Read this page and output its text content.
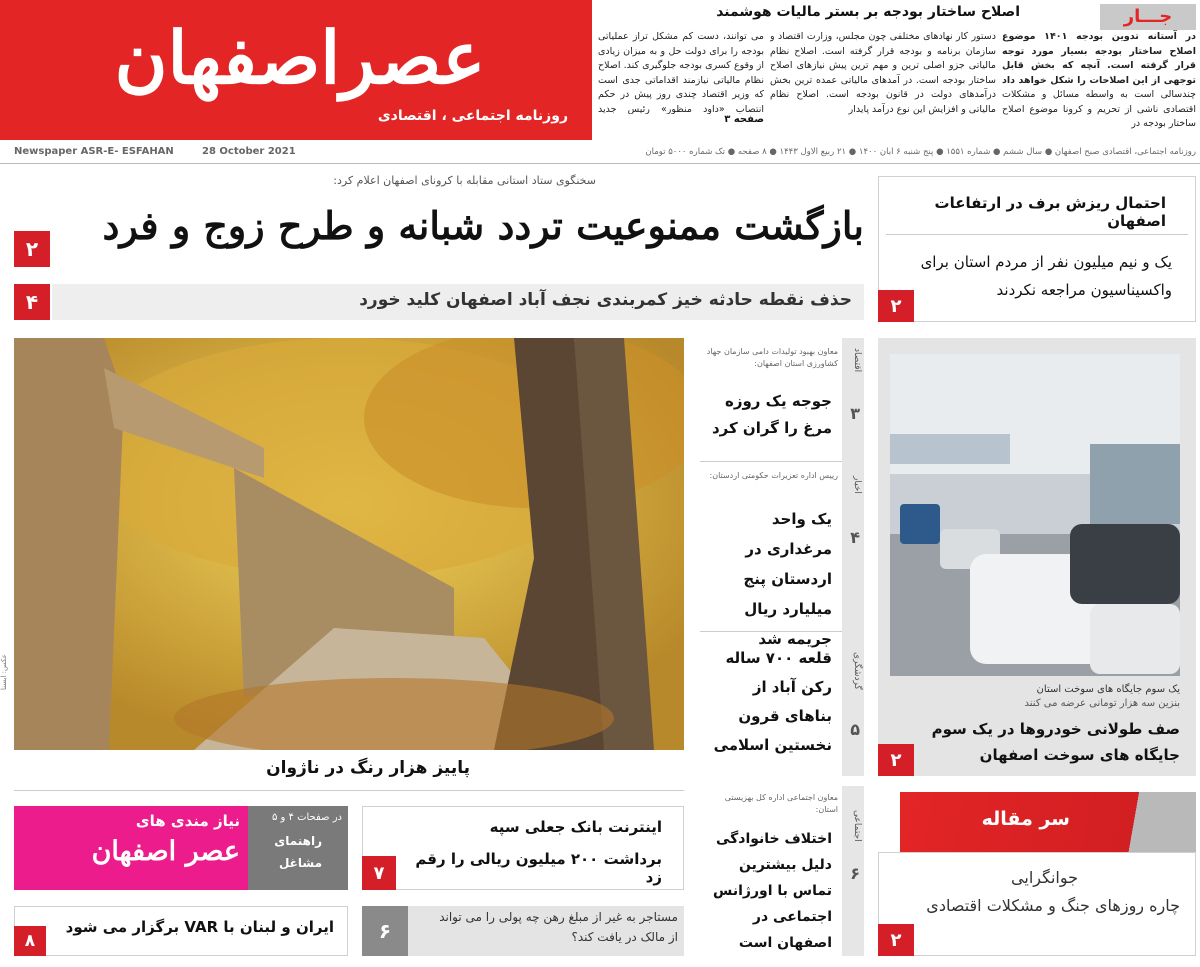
عصراصفهان
روزنامه اجتماعی ، اقتصادی
اصلاح ساختار بودجه بر بستر مالیات هوشمند
دستور کار نهادهای مختلفی چون مجلس، وزارت اقتصاد و سازمان برنامه و بودجه قرار گرفته است. اصلاح نظام مالیاتی جزو اصلی ترین و مهم ترین پیش نیازهای اصلاح ساختار بودجه است. در آمدهای مالیاتی عمده ترین بخش درآمدهای دولت در قانون بودجه است. اصلاح نظام مالیاتی و افزایش این نوع درآمد پایدار
می توانند، دست کم مشکل تراز عملیاتی بودجه را برای دولت حل و به میزان زیادی از وقوع کسری بودجه جلوگیری کند. اصلاح نظام مالیاتی نیازمند اقداماتی جدی است که وزیر اقتصاد چندی روز پیش در حکم انتصاب «داود منظور» رئیس جدید
صفحه ۳
جـــار
در آستانه تدوین بودجه ۱۴۰۱ موضوع اصلاح ساختار بودجه بسیار مورد توجه قرار گرفته است. آنچه که بخش قابل توجهی از این اصلاحات را شکل خواهد داد
چندسالی است به واسطه مسائل و مشکلات اقتصادی ناشی از تحریم و کرونا موضوع اصلاح ساختار بودجه در
Newspaper ASR-E- ESFAHAN	28 October 2021	روزنامه اجتماعی، اقتصادی صبح اصفهان ● سال ششم ● شماره ۱۵۵۱ ● پنج شنبه ۶ آبان ۱۴۰۰ ● ۲۱ ربیع الاول ۱۴۴۳ ● ۸ صفحه ● تک شماره ۵۰۰۰ تومان
سخنگوی ستاد استانی مقابله با کرونای اصفهان اعلام کرد:
بازگشت ممنوعیت تردد شبانه و طرح زوج و فرد
۲
حذف نقطه حادثه خیز کمربندی نجف آباد اصفهان کلید خورد
۴
عکس: ایسنا
پاییز هزار رنگ در ناژوان
اقتصاد
۳
معاون بهبود تولیدات دامی سازمان جهاد کشاورزی استان اصفهان:
جوجه یک روزه مرغ را گران کرد
اخبار
۴
رییس اداره تعزیرات حکومتی اردستان:
یک واحد مرغداری در اردستان پنج میلیارد ریال جریمه شد
گردشگری
۵
قلعه ۷۰۰ ساله رکن آباد از بناهای قرون نخستین اسلامی
اجتماعی
۶
معاون اجتماعی اداره کل بهزیستی استان:
اختلاف خانوادگی دلیل بیشترین تماس با اورژانس اجتماعی در اصفهان است
احتمال ریزش برف در ارتفاعات اصفهان
یک و نیم میلیون نفر از مردم استان برای واکسیناسیون مراجعه نکردند
۲
یک سوم جایگاه های سوخت استان
بنزین سه هزار تومانی عرضه می کنند
صف طولانی خودروها در یک سوم جایگاه های سوخت اصفهان
۲
سر مقاله
جوانگرایی
چاره روزهای جنگ و مشکلات اقتصادی
۲
نیاز مندی های
عصر اصفهان
در صفحات ۴ و ۵
راهنمای
مشاغل
اینترنت بانک جعلی سپه
برداشت ۲۰۰ میلیون ریالی را رقم زد
۷
ایران و لبنان با VAR برگزار می شود
۸
مستاجر به غیر از مبلغ رهن چه پولی را می تواند
از مالک در یافت کند؟
۶
